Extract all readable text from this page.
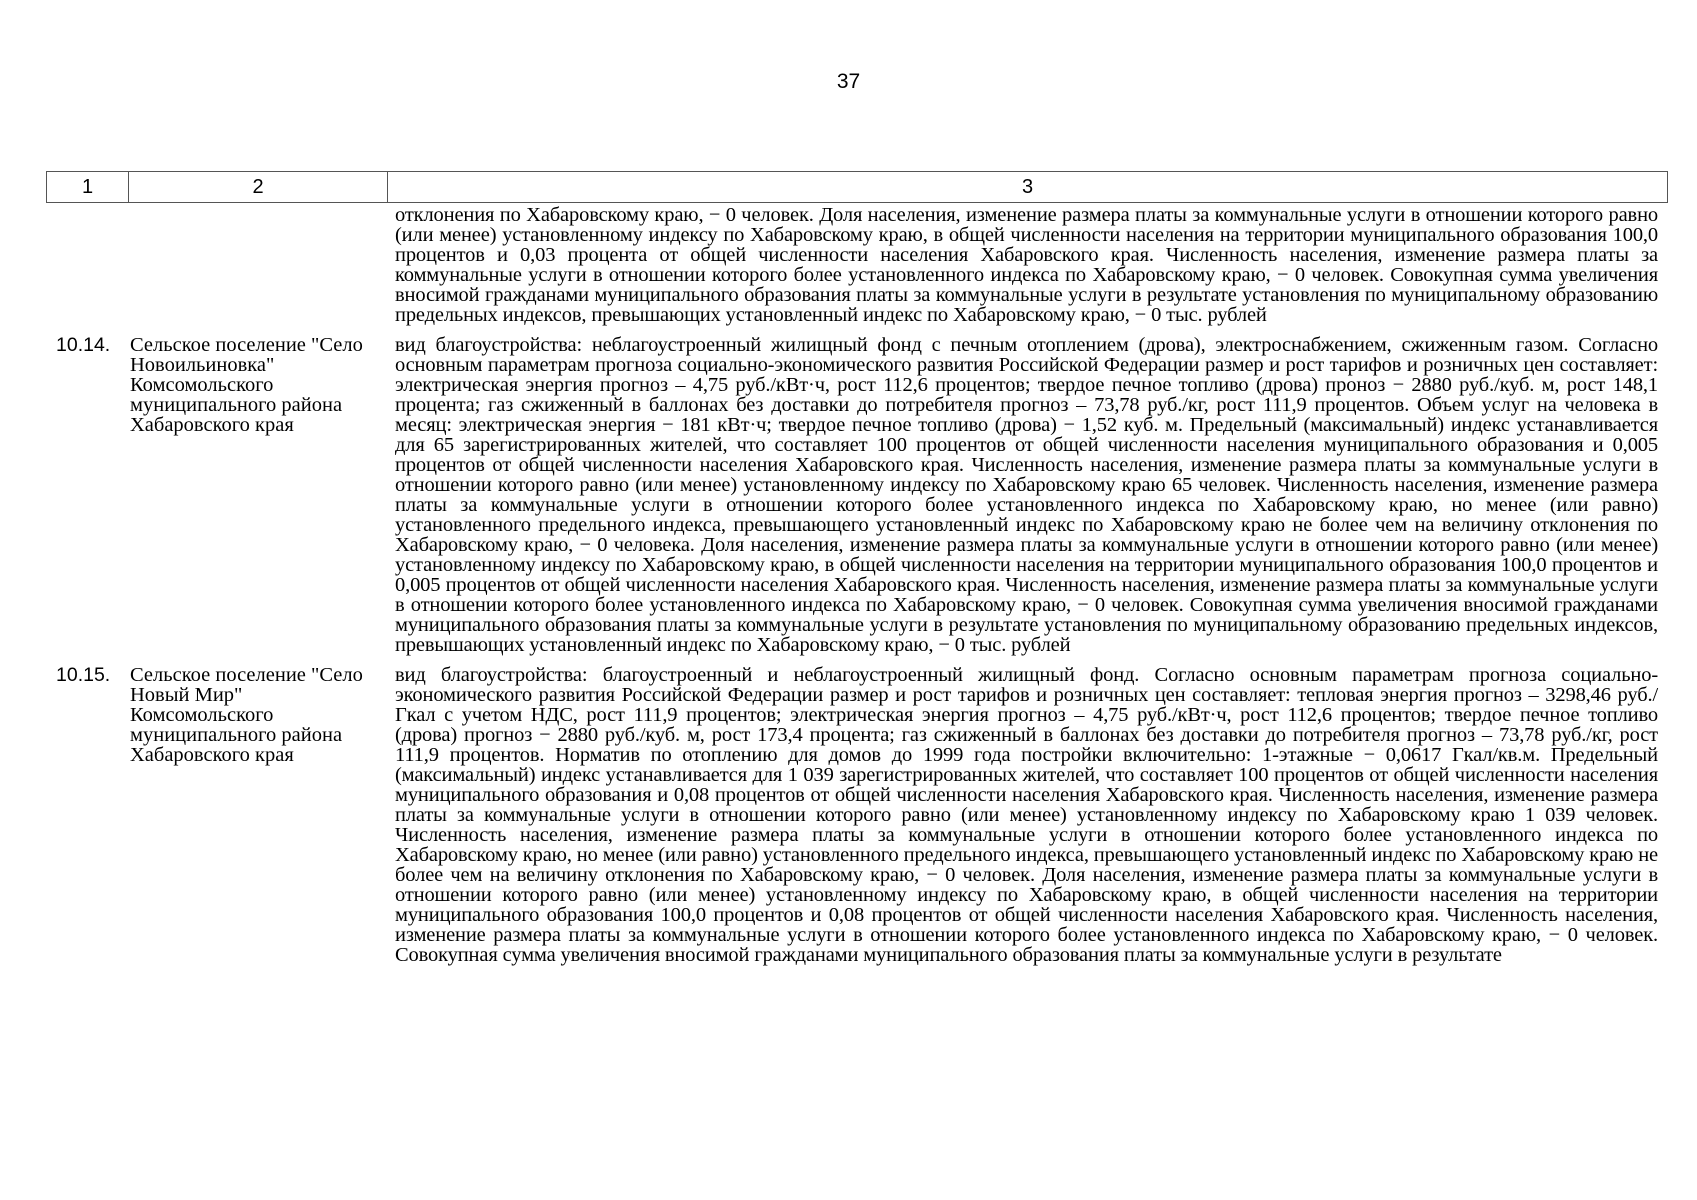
37
1	2	3
отклонения по Хабаровскому краю, − 0 человек. Доля населения, изменение размера платы за коммунальные услуги в отношении которого равно (или менее) установленному индексу по Хабаровскому краю, в общей численности населения на территории муниципального образования 100,0 процентов и 0,03 процента от общей численности населения Хабаровского края. Численность населения, изменение размера платы за коммунальные услуги в отношении которого более установленного индекса по Хабаровскому краю, − 0 человек. Совокупная сумма увеличения вносимой гражданами муниципального образования платы за коммунальные услуги в результате установления по муниципальному образованию предельных индексов, превышающих установленный индекс по Хабаровскому краю, − 0 тыс. рублей
10.14. Сельское поселение "Село Новоильиновка" Комсомольского муниципального района Хабаровского края
вид благоустройства: неблагоустроенный жилищный фонд с печным отоплением (дрова), электроснабжением, сжиженным газом. Согласно основным параметрам прогноза социально-экономического развития Российской Федерации размер и рост тарифов и розничных цен составляет: электрическая энергия прогноз – 4,75 руб./кВт·ч, рост 112,6 процентов; твердое печное топливо (дрова) проноз − 2880 руб./куб. м, рост 148,1 процента; газ сжиженный в баллонах без доставки до потребителя прогноз – 73,78 руб./кг, рост 111,9 процентов. Объем услуг на человека в месяц: электрическая энергия − 181 кВт·ч; твердое печное топливо (дрова) − 1,52 куб. м. Предельный (максимальный) индекс устанавливается для 65 зарегистрированных жителей, что составляет 100 процентов от общей численности населения муниципального образования и 0,005 процентов от общей численности населения Хабаровского края. Численность населения, изменение размера платы за коммунальные услуги в отношении которого равно (или менее) установленному индексу по Хабаровскому краю 65 человек. Численность населения, изменение размера платы за коммунальные услуги в отношении которого более установленного индекса по Хабаровскому краю, но менее (или равно) установленного предельного индекса, превышающего установленный индекс по Хабаровскому краю не более чем на величину отклонения по Хабаровскому краю, − 0 человека. Доля населения, изменение размера платы за коммунальные услуги в отношении которого равно (или менее) установленному индексу по Хабаровскому краю, в общей численности населения на территории муниципального образования 100,0 процентов и 0,005 процентов от общей численности населения Хабаровского края. Численность населения, изменение размера платы за коммунальные услуги в отношении которого более установленного индекса по Хабаровскому краю, − 0 человек. Совокупная сумма увеличения вносимой гражданами муниципального образования платы за коммунальные услуги в результате установления по муниципальному образованию предельных индексов, превышающих установленный индекс по Хабаровскому краю, − 0 тыс. рублей
10.15. Сельское поселение "Село Новый Мир" Комсомольского муниципального района Хабаровского края
вид благоустройства: благоустроенный и неблагоустроенный жилищный фонд. Согласно основным параметрам прогноза социально-экономического развития Российской Федерации размер и рост тарифов и розничных цен составляет: тепловая энергия прогноз – 3298,46 руб./Гкал с учетом НДС, рост 111,9 процентов; электрическая энергия прогноз – 4,75 руб./кВт·ч, рост 112,6 процентов; твердое печное топливо (дрова) прогноз − 2880 руб./куб. м, рост 173,4 процента; газ сжиженный в баллонах без доставки до потребителя прогноз – 73,78 руб./кг, рост 111,9 процентов. Норматив по отоплению для домов до 1999 года постройки включительно: 1-этажные − 0,0617 Гкал/кв.м. Предельный (максимальный) индекс устанавливается для 1 039 зарегистрированных жителей, что составляет 100 процентов от общей численности населения муниципального образования и 0,08 процентов от общей численности населения Хабаровского края. Численность населения, изменение размера платы за коммунальные услуги в отношении которого равно (или менее) установленному индексу по Хабаровскому краю 1 039 человек. Численность населения, изменение размера платы за коммунальные услуги в отношении которого более установленного индекса по Хабаровскому краю, но менее (или равно) установленного предельного индекса, превышающего установленный индекс по Хабаровскому краю не более чем на величину отклонения по Хабаровскому краю, − 0 человек. Доля населения, изменение размера платы за коммунальные услуги в отношении которого равно (или менее) установленному индексу по Хабаровскому краю, в общей численности населения на территории муниципального образования 100,0 процентов и 0,08 процентов от общей численности населения Хабаровского края. Численность населения, изменение размера платы за коммунальные услуги в отношении которого более установленного индекса по Хабаровскому краю, − 0 человек. Совокупная сумма увеличения вносимой гражданами муниципального образования платы за коммунальные услуги в результате
